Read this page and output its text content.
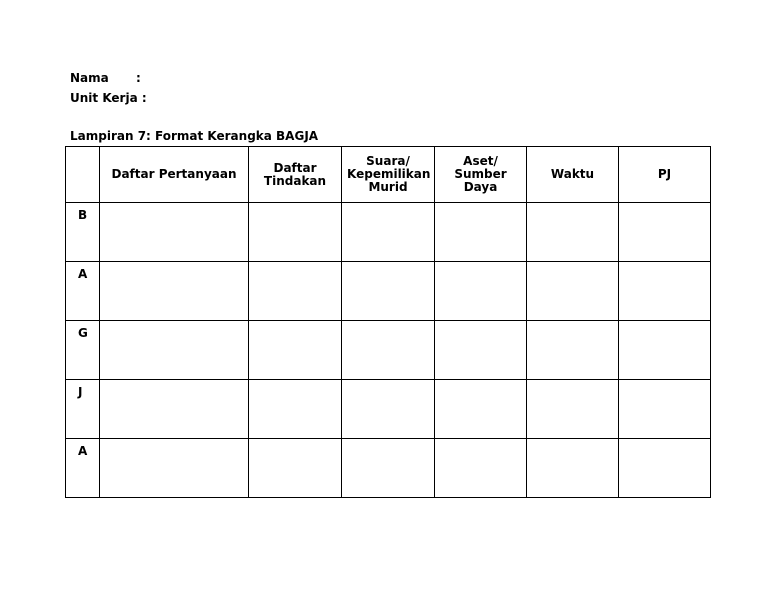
Nama :
Unit Kerja :
Lampiran 7: Format Kerangka BAGJA
	Daftar Pertanyaan	Daftar Tindakan	Suara/ Kepemilikan Murid	Aset/ Sumber Daya	Waktu	PJ
B						
A						
G						
J						
A						
